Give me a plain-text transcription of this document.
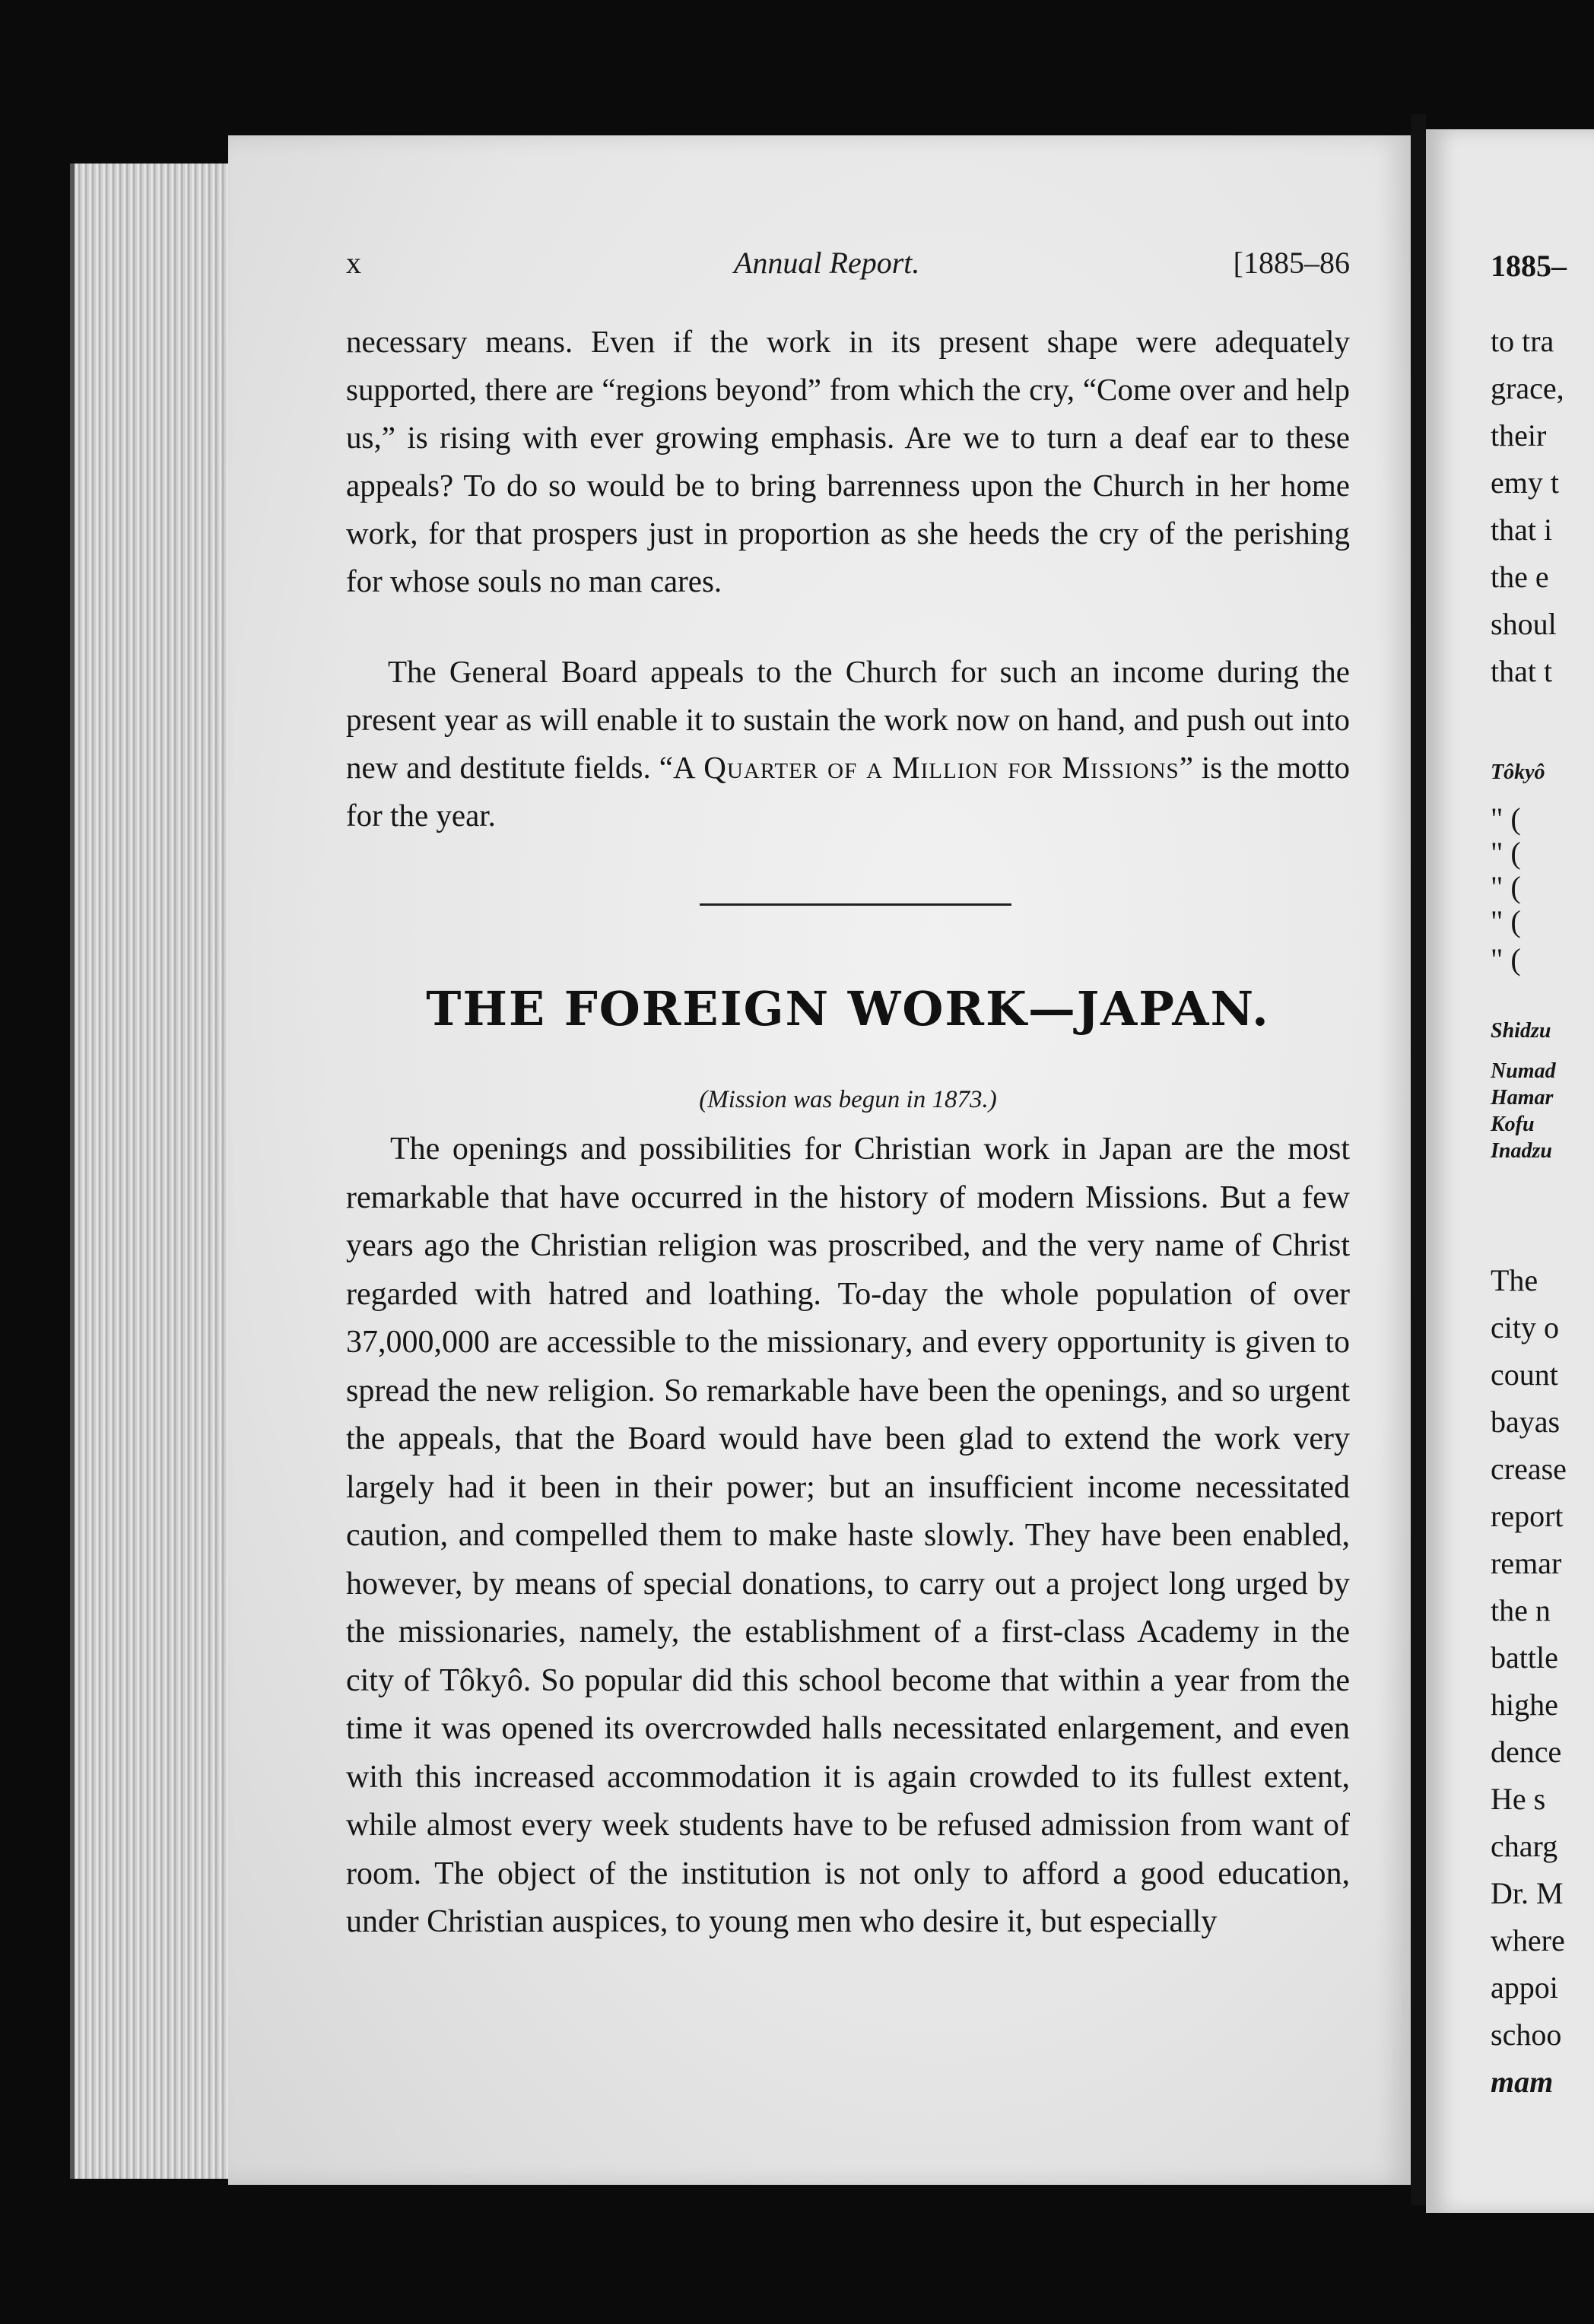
x	Annual Report.	[1885–86

necessary means. Even if the work in its present shape were adequately supported, there are “regions beyond” from which the cry, “Come over and help us,” is rising with ever growing emphasis. Are we to turn a deaf ear to these appeals? To do so would be to bring barrenness upon the Church in her home work, for that prospers just in proportion as she heeds the cry of the perishing for whose souls no man cares.

The General Board appeals to the Church for such an income during the present year as will enable it to sustain the work now on hand, and push out into new and destitute fields. “A Quarter of a Million for Missions” is the motto for the year.

THE FOREIGN WORK—JAPAN.

(Mission was begun in 1873.)

The openings and possibilities for Christian work in Japan are the most remarkable that have occurred in the history of modern Missions. But a few years ago the Christian religion was proscribed, and the very name of Christ regarded with hatred and loathing. To-day the whole population of over 37,000,000 are accessible to the missionary, and every opportunity is given to spread the new religion. So remarkable have been the openings, and so urgent the appeals, that the Board would have been glad to extend the work very largely had it been in their power; but an insufficient income necessitated caution, and compelled them to make haste slowly. They have been enabled, however, by means of special donations, to carry out a project long urged by the missionaries, namely, the establishment of a first-class Academy in the city of Tôkyô. So popular did this school become that within a year from the time it was opened its overcrowded halls necessitated enlargement, and even with this increased accommodation it is again crowded to its fullest extent, while almost every week students have to be refused admission from want of room. The object of the institution is not only to afford a good education, under Christian auspices, to young men who desire it, but especially

1885–
to tra
grace,
their
emy t
that i
the e
shoul
that t
Tôkyô
" (
" (
" (
" (
" (
Shidzu
Numad
Hamar
Kofu
Inadzu
The
city o
count
bayas
crease
report
remar
the n
battle
highe
dence
He s
charg
Dr. M
where
appoi
schoo
mam
